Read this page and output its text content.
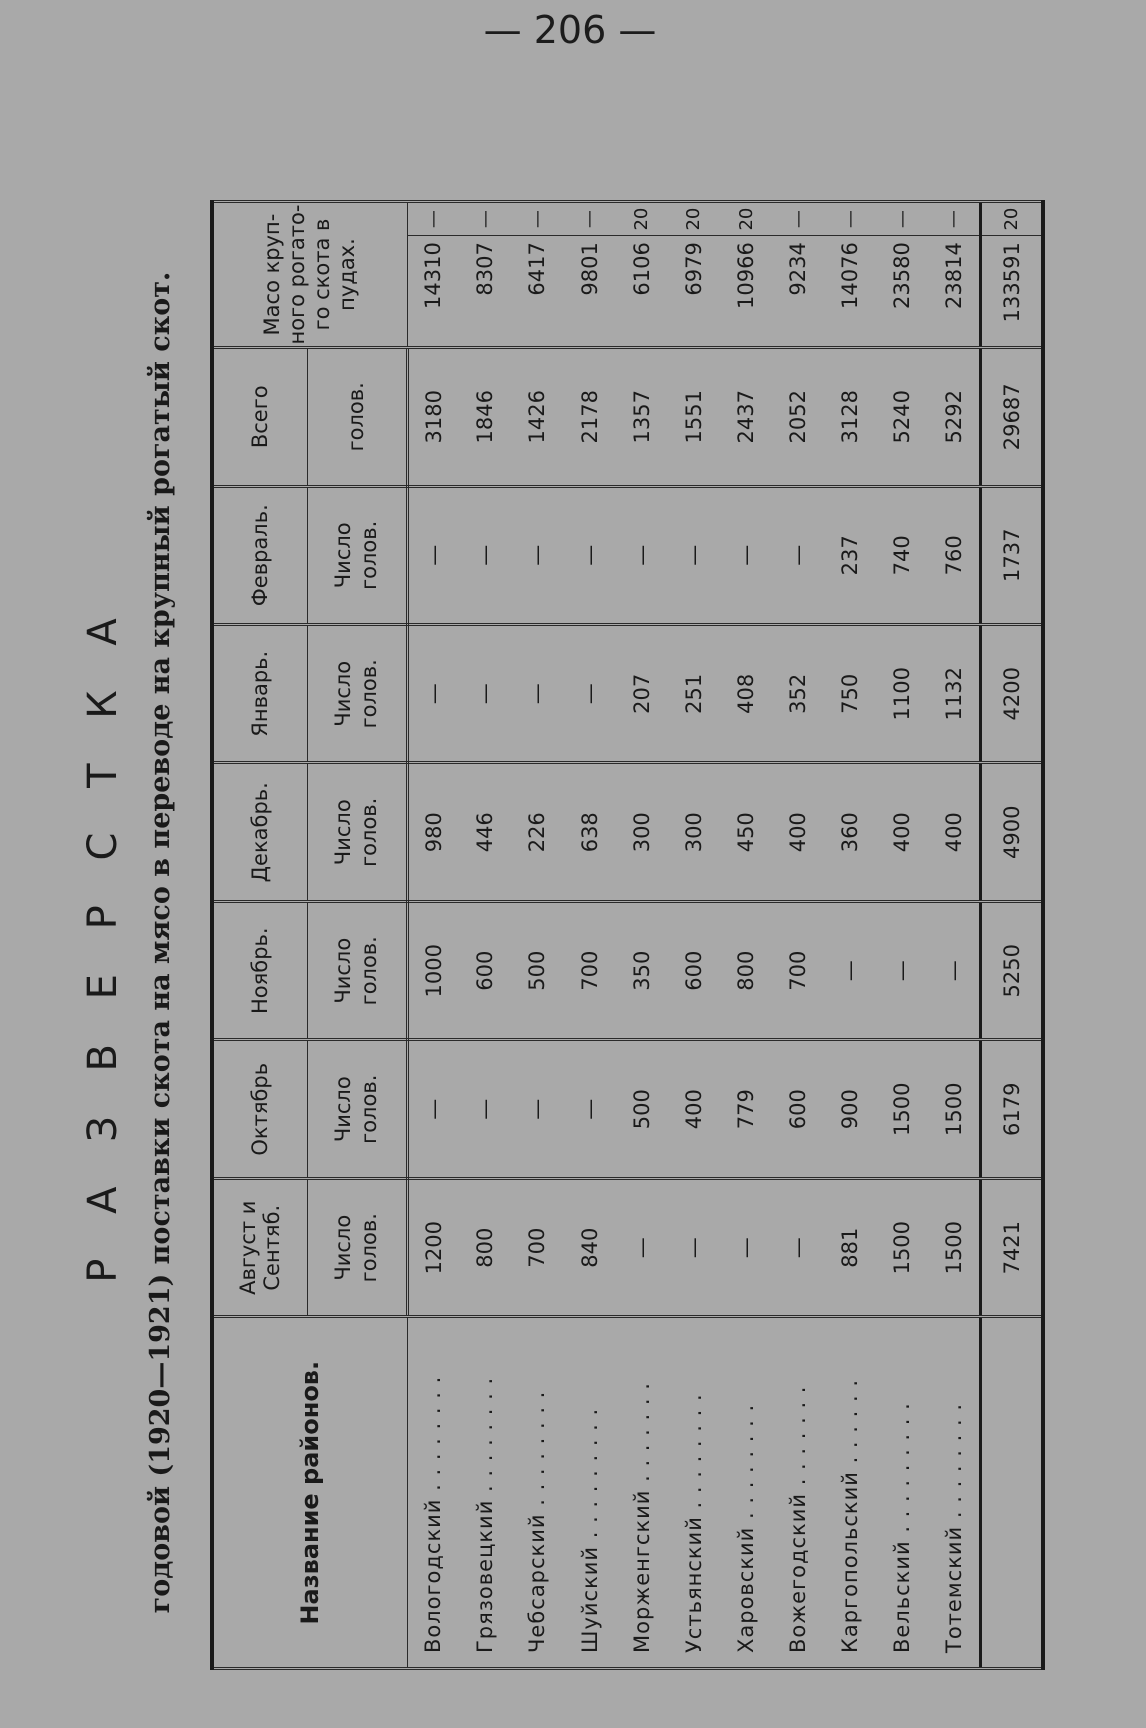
— 206 —
Р А З В Е Р С Т К А годовой (1920—1921) поставки скота на мясо в переводе на крупный рогатый скот.	Название районов.	Август и Сентяб.	Октябрь	Ноябрь.	Декабрь.	Январь.	Февраль.	Всего	Масо круп-ного рогато-го скота в пудах.	
	Число голов.	Число голов.	Число голов.	Число голов.	Число голов.	Число голов.	голов.		
Вологодский . . . . . . . .	1200	—	1000	980	—	—	3180	14310	—
Грязовецкий . . . . . . . .	800	—	600	446	—	—	1846	8307	—
Чебсарский . . . . . . . .	700	—	500	226	—	—	1426	6417	—
Шуйский . . . . . . . . .	840	—	700	638	—	—	2178	9801	—
Морженгский . . . . . . .	—	500	350	300	207	—	1357	6106	20
Устьянский . . . . . . . .	—	400	600	300	251	—	1551	6979	20
Харовский . . . . . . . .	—	779	800	450	408	—	2437	10966	20
Вожегодский . . . . . . .	—	600	700	400	352	—	2052	9234	—
Каргопольский . . . . . .	881	900	—	360	750	237	3128	14076	—
Вельский . . . . . . . . .	1500	1500	—	400	1100	740	5240	23580	—
Тотемский . . . . . . . .	1500	1500	—	400	1132	760	5292	23814	—
	7421	6179	5250	4900	4200	1737	29687	133591	20
